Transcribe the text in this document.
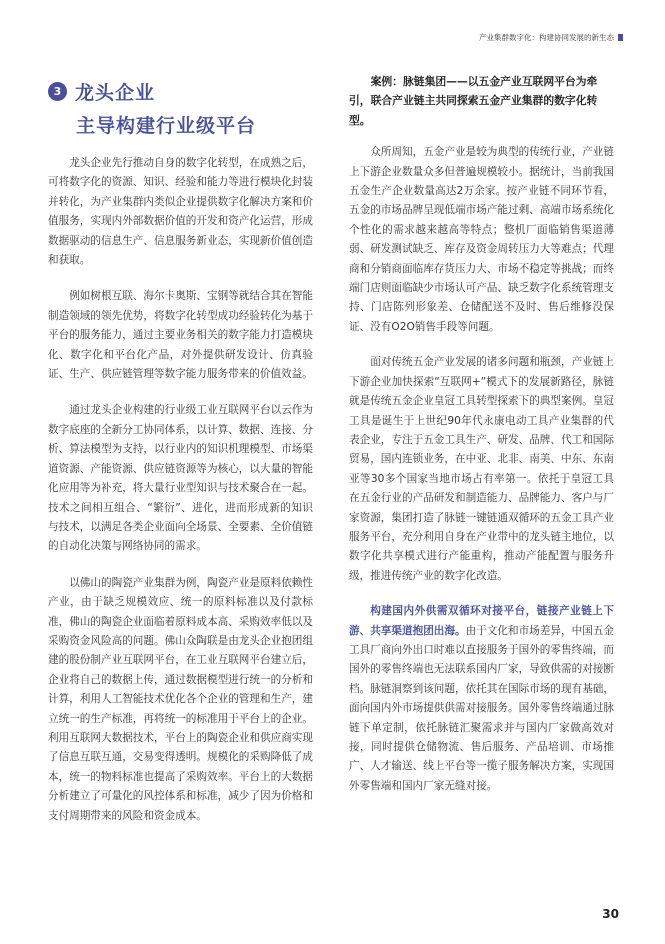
产业集群数字化：构建协同发展的新生态
3 龙头企业
主导构建行业级平台

龙头企业先行推动自身的数字化转型，在成熟之后，可将数字化的资源、知识、经验和能力等进行模块化封装并转化，为产业集群内类似企业提供数字化解决方案和价值服务，实现内外部数据价值的开发和资产化运营，形成数据驱动的信息生产、信息服务新业态，实现新价值创造和获取。

例如树根互联、海尔卡奥斯、宝钢等就结合其在智能制造领域的领先优势，将数字化转型成功经验转化为基于平台的服务能力，通过主要业务相关的数字能力打造模块化、数字化和平台化产品，对外提供研发设计、仿真验证、生产、供应链管理等数字能力服务带来的价值效益。

通过龙头企业构建的行业级工业互联网平台以云作为数字底座的全新分工协同体系，以计算、数据、连接、分析、算法模型为支持，以行业内的知识机理模型、市场渠道资源、产能资源、供应链资源等为核心，以大量的智能化应用等为补充，将大量行业型知识与技术聚合在一起。技术之间相互组合、“繁衍”、进化，进而形成新的知识与技术，以满足各类企业面向全场景、全要素、全价值链的自动化决策与网络协同的需求。

以佛山的陶瓷产业集群为例，陶瓷产业是原料依赖性产业，由于缺乏规模效应、统一的原料标准以及付款标准，佛山的陶瓷企业面临着原料成本高、采购效率低以及采购资金风险高的问题。佛山众陶联是由龙头企业抱团组建的股份制产业互联网平台，在工业互联网平台建立后，企业将自己的数据上传，通过数据模型进行统一的分析和计算，利用人工智能技术优化各个企业的管理和生产，建立统一的生产标准，再将统一的标准用于平台上的企业。利用互联网大数据技术，平台上的陶瓷企业和供应商实现了信息互联互通，交易变得透明。规模化的采购降低了成本，统一的物料标准也提高了采购效率。平台上的大数据分析建立了可量化的风控体系和标准，减少了因为价格和支付周期带来的风险和资金成本。

案例：脉链集团——以五金产业互联网平台为牵引，联合产业链主共同探索五金产业集群的数字化转型。

众所周知，五金产业是较为典型的传统行业，产业链上下游企业数量众多但普遍规模较小。据统计，当前我国五金生产企业数量高达2万余家。按产业链不同环节看，五金的市场品牌呈现低端市场产能过剩、高端市场系统化个性化的需求越来越高等特点；整机厂面临销售渠道薄弱、研发测试缺乏、库存及资金周转压力大等难点；代理商和分销商面临库存货压力大、市场不稳定等挑战；而终端门店则面临缺少市场认可产品、缺乏数字化系统管理支持、门店陈列形象差、仓储配送不及时、售后维修没保证、没有O2O销售手段等问题。

面对传统五金产业发展的诸多问题和瓶颈，产业链上下游企业加快探索“互联网+”模式下的发展新路径，脉链就是传统五金企业皇冠工具转型探索下的典型案例。皇冠工具是诞生于上世纪90年代永康电动工具产业集群的代表企业，专注于五金工具生产、研发、品牌、代工和国际贸易，国内连锁业务，在中亚、北非、南美、中东、东南亚等30多个国家当地市场占有率第一。依托于皇冠工具在五金行业的产品研发和制造能力、品牌能力、客户与厂家资源，集团打造了脉链一键链通双循环的五金工具产业服务平台，充分利用自身在产业带中的龙头链主地位，以数字化共享模式进行产能重构，推动产能配置与服务升级，推进传统产业的数字化改造。

构建国内外供需双循环对接平台，链接产业链上下游、共享渠道抱团出海。由于文化和市场差异，中国五金工具厂商向外出口时难以直接服务于国外的零售终端，而国外的零售终端也无法联系国内厂家，导致供需的对接断档。脉链洞察到该问题，依托其在国际市场的现有基础，面向国内外市场提供供需对接服务。国外零售终端通过脉链下单定制，依托脉链汇聚需求并与国内厂家做高效对接，同时提供仓储物流、售后服务、产品培训、市场推广、人才输送、线上平台等一揽子服务解决方案，实现国外零售端和国内厂家无缝对接。

30
